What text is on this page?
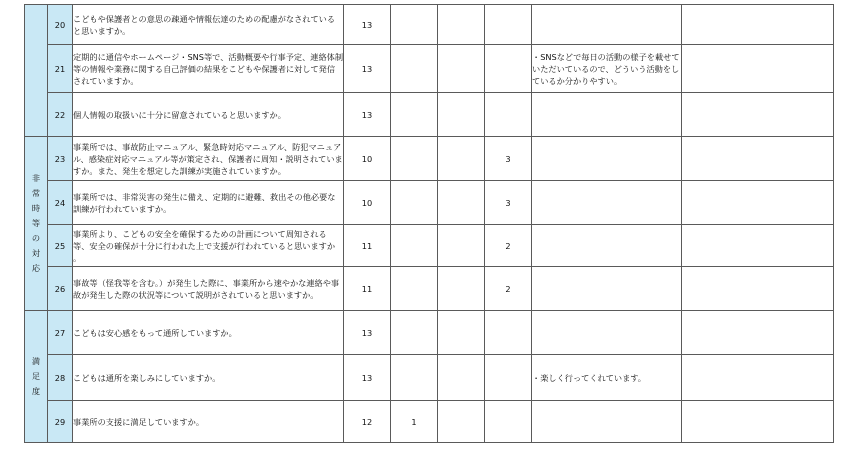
	20	こどもや保護者との意思の疎通や情報伝達のための配慮がなされていると思いますか。	13					
	21	定期的に通信やホームページ・SNS等で、活動概要や行事予定、連絡体制等の情報や業務に関する自己評価の結果をこどもや保護者に対して発信されていますか。	13				・SNSなどで毎日の活動の様子を載せていただいているので、どういう活動をしているか分かりやすい。	
	22	個人情報の取扱いに十分に留意されていると思いますか。	13					
非常時等の対応	23	事業所では、事故防止マニュアル、緊急時対応マニュアル、防犯マニュアル、感染症対応マニュアル等が策定され、保護者に周知・説明されていますか。また、発生を想定した訓練が実施されていますか。	10			3		
	24	事業所では、非常災害の発生に備え、定期的に避難、救出その他必要な訓練が行われていますか。	10			3		
	25	事業所より、こどもの安全を確保するための計画について周知される等、安全の確保が十分に行われた上で支援が行われていると思いますか 。	11			2		
	26	事故等（怪我等を含む。）が発生した際に、事業所から速やかな連絡や事故が発生した際の状況等について説明がされていると思いますか。	11			2		
満足度	27	こどもは安心感をもって通所していますか。	13					
	28	こどもは通所を楽しみにしていますか。	13				・楽しく行ってくれています。	
	29	事業所の支援に満足していますか。	12	1				
